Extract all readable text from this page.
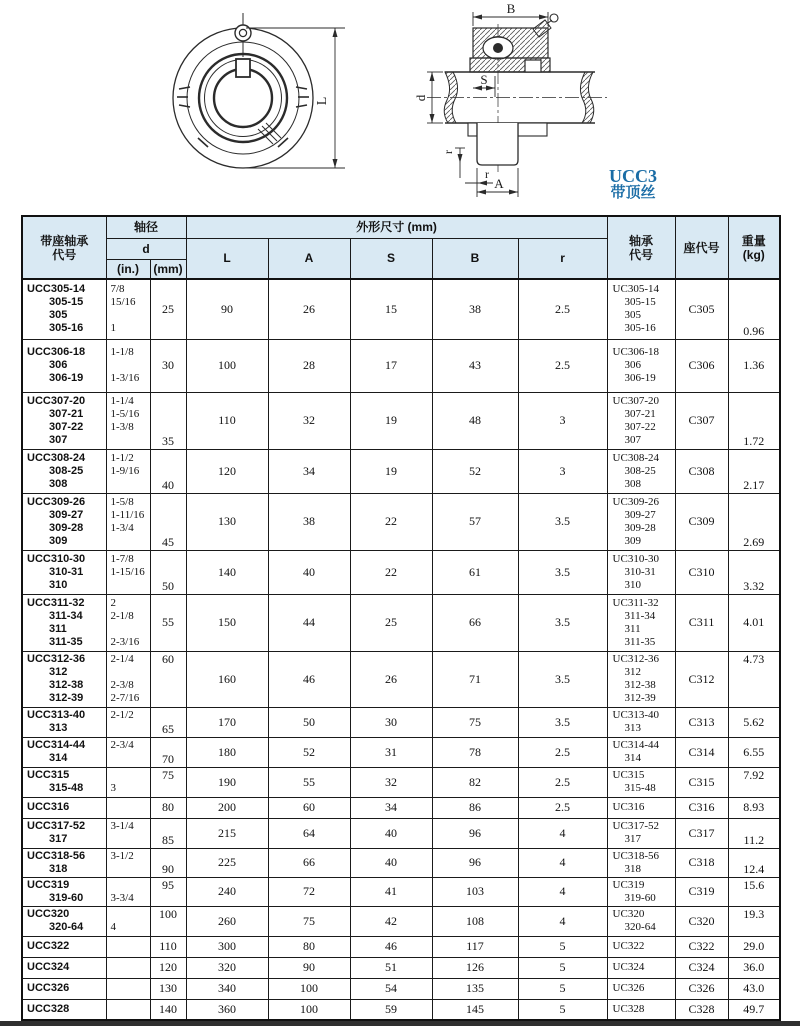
L
B
S
d
r
r
A	UCC3
带顶丝
带座轴承
代号	轴径		外形尺寸 (mm)					轴承
代号	座代号	重量
(kg)
	d		L	A	S	B	r			
	(in.)	(mm)								

UCC305-14
305-15
305
305-16

7/8
15/16

1
	25	90	26	15	38	2.5	
UC305-14
305-15
305
305-16
	C305	0.96

UCC306-18
306
306-19

1-1/8

1-3/16
	30	100	28	17	43	2.5	
UC306-18
306
306-19
	C306	1.36

UCC307-20
307-21
307-22
307

1-1/4
1-5/16
1-3/8

	35	110	32	19	48	3	
UC307-20
307-21
307-22
307
	C307	1.72

UCC308-24
308-25
308

1-1/2
1-9/16

	40	120	34	19	52	3	
UC308-24
308-25
308
	C308	2.17

UCC309-26
309-27
309-28
309

1-5/8
1-11/16
1-3/4

	45	130	38	22	57	3.5	
UC309-26
309-27
309-28
309
	C309	2.69

UCC310-30
310-31
310

1-7/8
1-15/16

	50	140	40	22	61	3.5	
UC310-30
310-31
310
	C310	3.32

UCC311-32
311-34
311
311-35

2
2-1/8

2-3/16
	55	150	44	25	66	3.5	
UC311-32
311-34
311
311-35
	C311	4.01

UCC312-36
312
312-38
312-39

2-1/4

2-3/8
2-7/16
	60	160	46	26	71	3.5	
UC312-36
312
312-38
312-39
	C312	4.73

UCC313-40
313

2-1/2

	65	170	50	30	75	3.5	UC313-40
313	C313	5.62

UCC314-44
314

2-3/4

	70	180	52	31	78	2.5	UC314-44
314	C314	6.55

UCC315
315-48	3
	75	190	55	32	82	2.5	UC315
315-48	C315	7.92

UCC316		80	200	60	34	86	2.5	UC316	C316	8.93

UCC317-52
317

3-1/4

	85	215	64	40	96	4	UC317-52
317	C317	11.2

UCC318-56
318

3-1/2

	90	225	66	40	96	4	UC318-56
318	C318	12.4

UCC319
319-60	3-3/4
	95	240	72	41	103	4	UC319
319-60	C319	15.6

UCC320
320-64	4
	100	260	75	42	108	4	UC320
320-64	C320	19.3

UCC322		110	300	80	46	117	5	UC322	C322	29.0

UCC324		120	320	90	51	126	5	UC324	C324	36.0

UCC326		130	340	100	54	135	5	UC326	C326	43.0

UCC328		140	360	100	59	145	5	UC328	C328	49.7
